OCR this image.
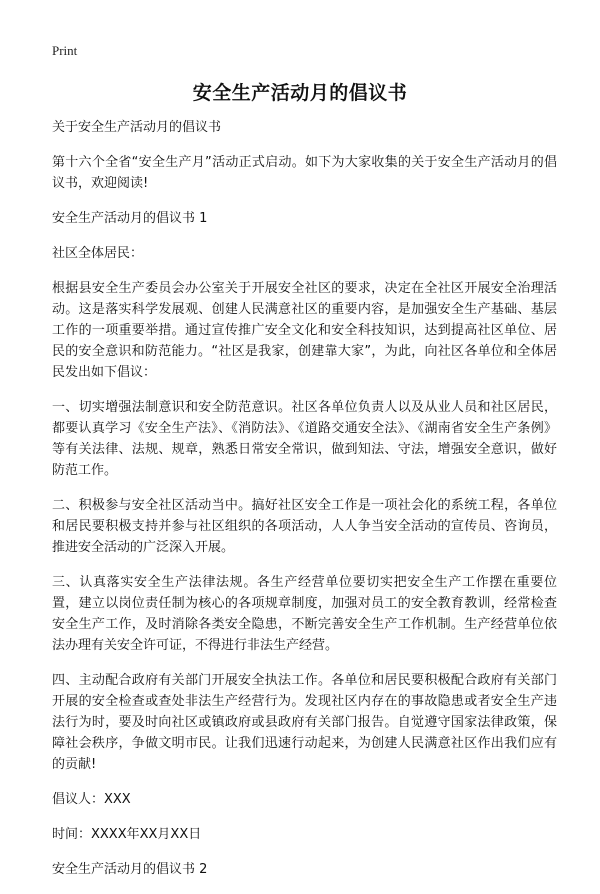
Print
安全生产活动月的倡议书

关于安全生产活动月的倡议书

第十六个全省“安全生产月”活动正式启动。如下为大家收集的关于安全生产活动月的倡议书，欢迎阅读!

安全生产活动月的倡议书 1

社区全体居民：

根据县安全生产委员会办公室关于开展安全社区的要求，决定在全社区开展安全治理活动。这是落实科学发展观、创建人民满意社区的重要内容，是加强安全生产基础、基层工作的一项重要举措。通过宣传推广安全文化和安全科技知识，达到提高社区单位、居民的安全意识和防范能力。“社区是我家，创建靠大家”，为此，向社区各单位和全体居民发出如下倡议：

一、切实增强法制意识和安全防范意识。社区各单位负责人以及从业人员和社区居民，都要认真学习《安全生产法》、《消防法》、《道路交通安全法》、《湖南省安全生产条例》等有关法律、法规、规章，熟悉日常安全常识，做到知法、守法，增强安全意识，做好防范工作。

二、积极参与安全社区活动当中。搞好社区安全工作是一项社会化的系统工程，各单位和居民要积极支持并参与社区组织的各项活动，人人争当安全活动的宣传员、咨询员，推进安全活动的广泛深入开展。

三、认真落实安全生产法律法规。各生产经营单位要切实把安全生产工作摆在重要位置，建立以岗位责任制为核心的各项规章制度，加强对员工的安全教育教训，经常检查安全生产工作，及时消除各类安全隐患，不断完善安全生产工作机制。生产经营单位依法办理有关安全许可证，不得进行非法生产经营。

四、主动配合政府有关部门开展安全执法工作。各单位和居民要积极配合政府有关部门开展的安全检查或查处非法生产经营行为。发现社区内存在的事故隐患或者安全生产违法行为时，要及时向社区或镇政府或县政府有关部门报告。自觉遵守国家法律政策，保障社会秩序，争做文明市民。让我们迅速行动起来，为创建人民满意社区作出我们应有的贡献!

倡议人：XXX

时间：XXXX年XX月XX日

安全生产活动月的倡议书 2
